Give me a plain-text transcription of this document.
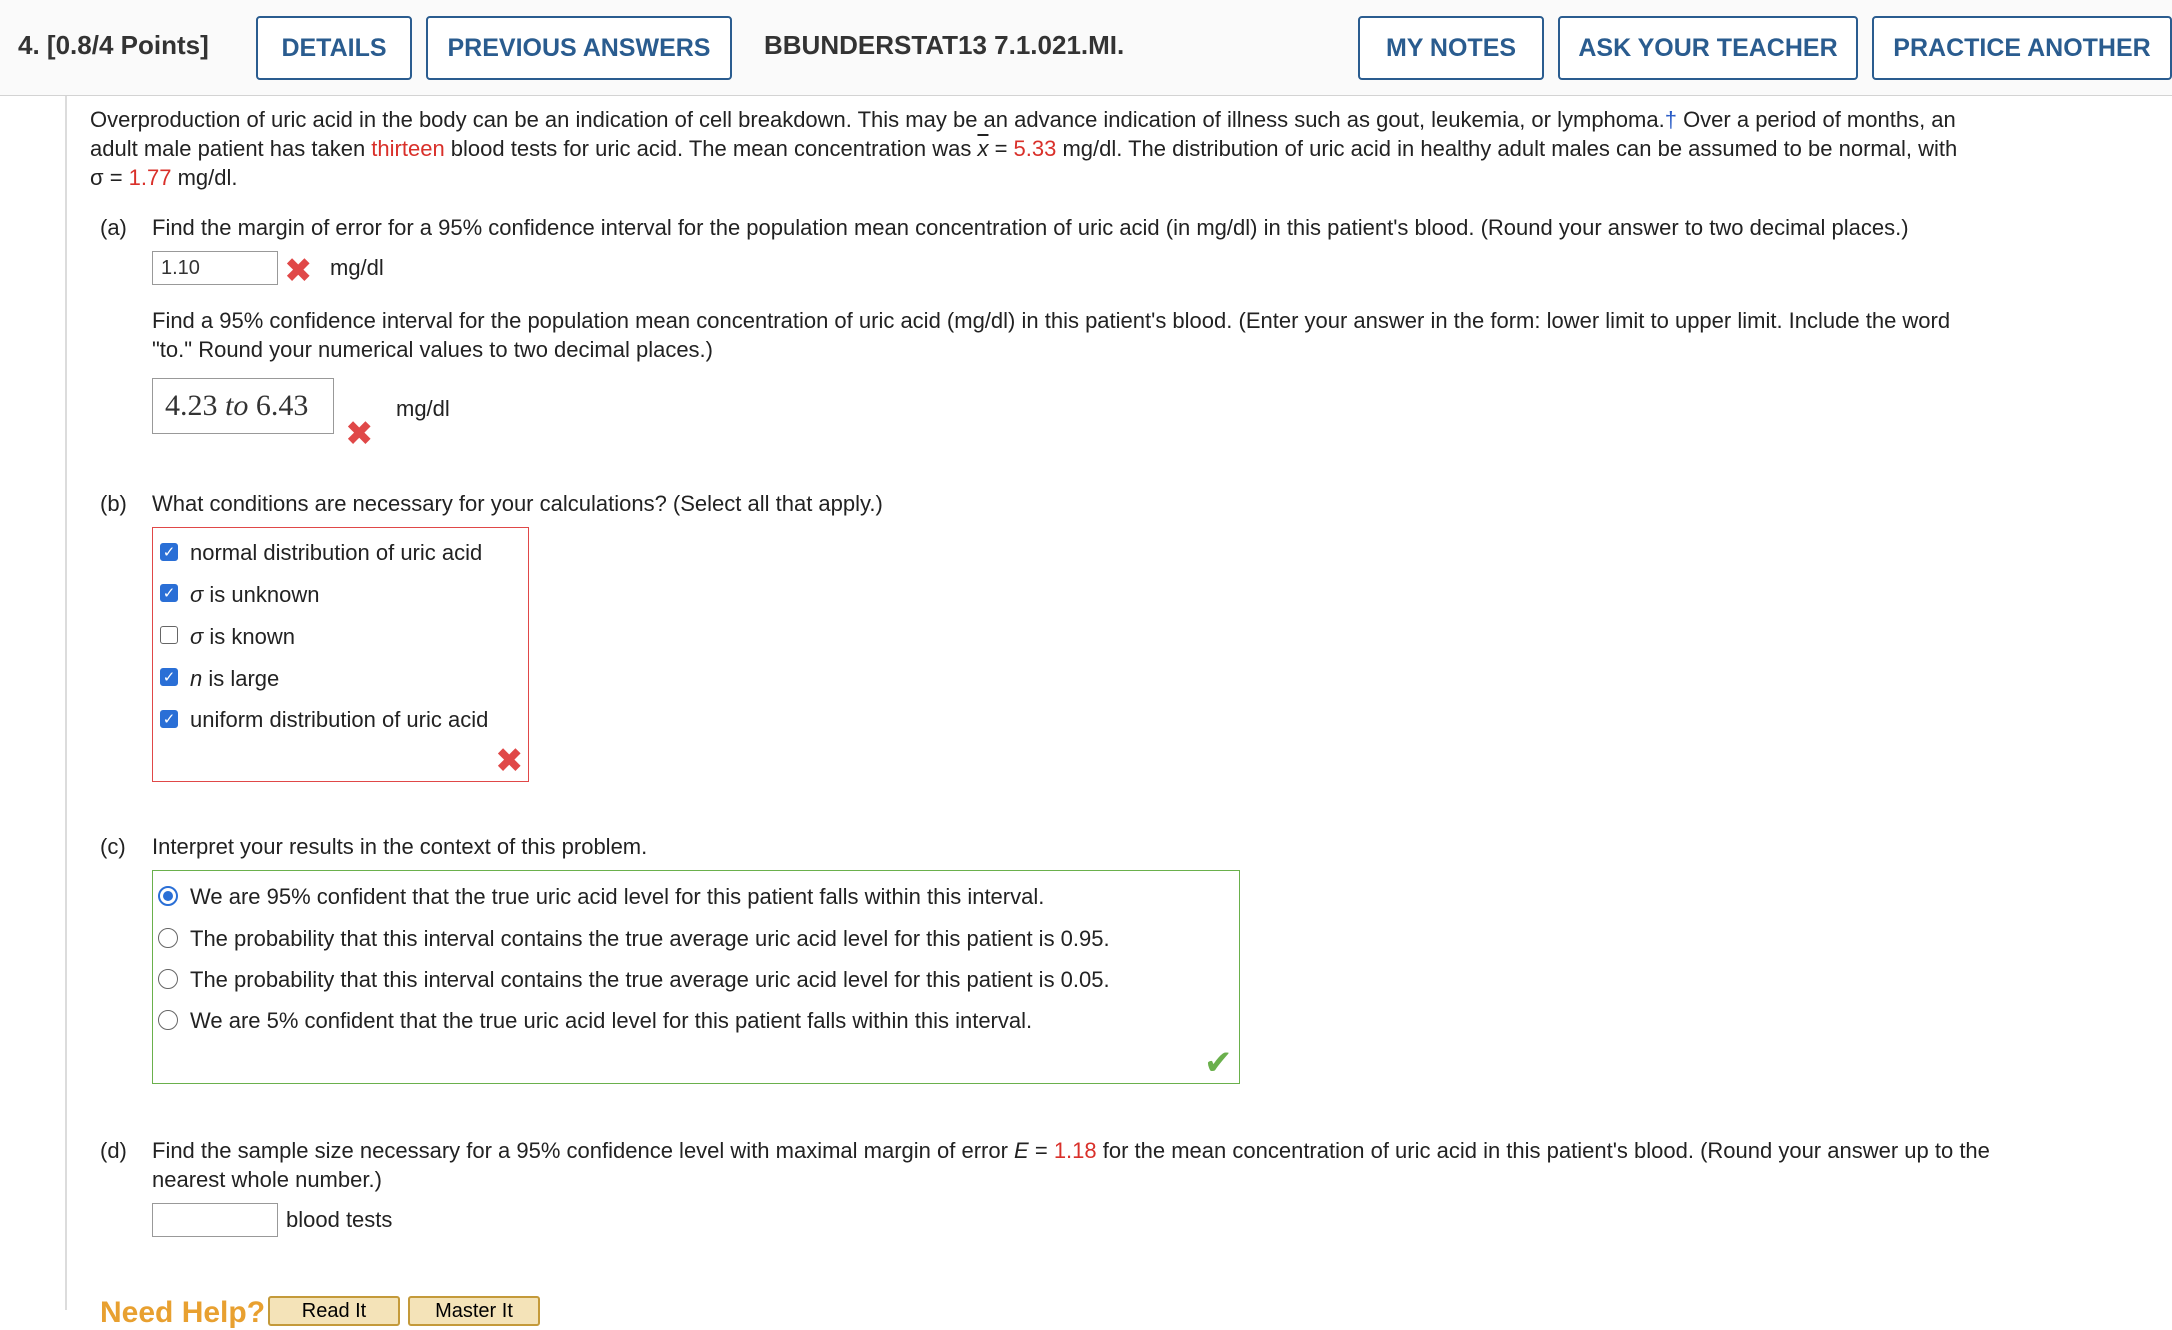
4. [0.8/4 Points]	DETAILS	PREVIOUS ANSWERS	BBUNDERSTAT13 7.1.021.MI.	MY NOTES	ASK YOUR TEACHER	PRACTICE ANOTHER
Overproduction of uric acid in the body can be an indication of cell breakdown. This may be an advance indication of illness such as gout, leukemia, or lymphoma.† Over a period of months, an
adult male patient has taken thirteen blood tests for uric acid. The mean concentration was $\overline{x} = 5.33$ mg/dl. The distribution of uric acid in healthy adult males can be assumed to be normal, with
σ = 1.77 mg/dl.
(a) Find the margin of error for a 95% confidence interval for the population mean concentration of uric acid (in mg/dl) in this patient's blood. (Round your answer to two decimal places.)
1.10	✖ mg/dl
Find a 95% confidence interval for the population mean concentration of uric acid (mg/dl) in this patient's blood. (Enter your answer in the form: lower limit to upper limit. Include the word
"to." Round your numerical values to two decimal places.)
4.23
to
6.43
✖
mg/dl
(b) What conditions are necessary for your calculations? (Select all that apply.)
✓ normal distribution of uric acid
✓ σ is unknown
σ is known
✓ n is large
✓ uniform distribution of uric acid
✖
(c) Interpret your results in the context of this problem.
We are 95% confident that the true uric acid level for this patient falls within this interval.
The probability that this interval contains the true average uric acid level for this patient is 0.95.
The probability that this interval contains the true average uric acid level for this patient is 0.05.
We are 5% confident that the true uric acid level for this patient falls within this interval.
✔
(d) Find the sample size necessary for a 95% confidence level with maximal margin of error E = 1.18 for the mean concentration of uric acid in this patient's blood. (Round your answer up to the
nearest whole number.)
blood tests
Need Help?	Read It	Master It
